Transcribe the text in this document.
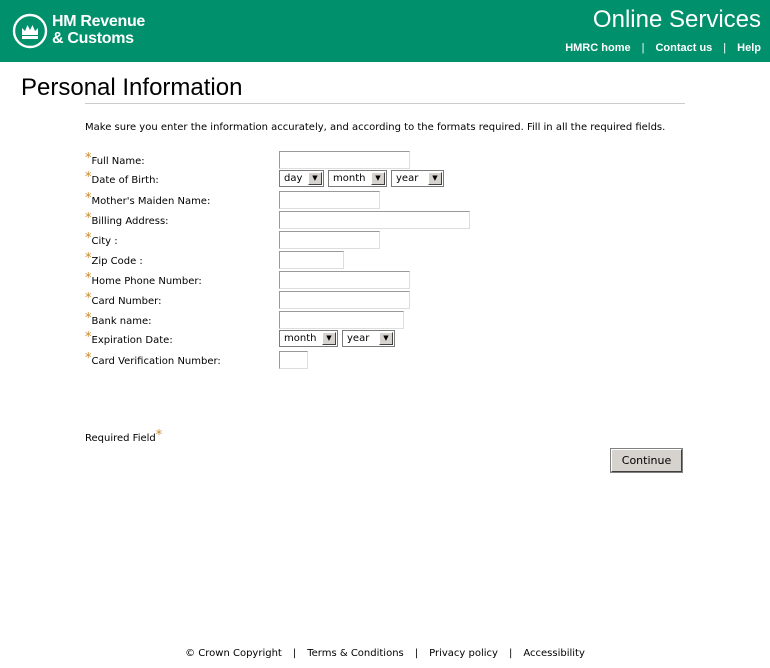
HM Revenue
& Customs
Online Services
HMRC home | Contact us | Help
Personal Information
Make sure you enter the information accurately, and according to the formats required. Fill in all the required fields.
*Full Name:
*Date of Birth:	day	▼	month	▼	year	▼
*Mother's Maiden Name:
*Billing Address:
*City :
*Zip Code :
*Home Phone Number:
*Card Number:
*Bank name:
*Expiration Date:	month	▼	year	▼
*Card Verification Number:
Required Field*
Continue
© Crown Copyright | Terms & Conditions | Privacy policy | Accessibility
